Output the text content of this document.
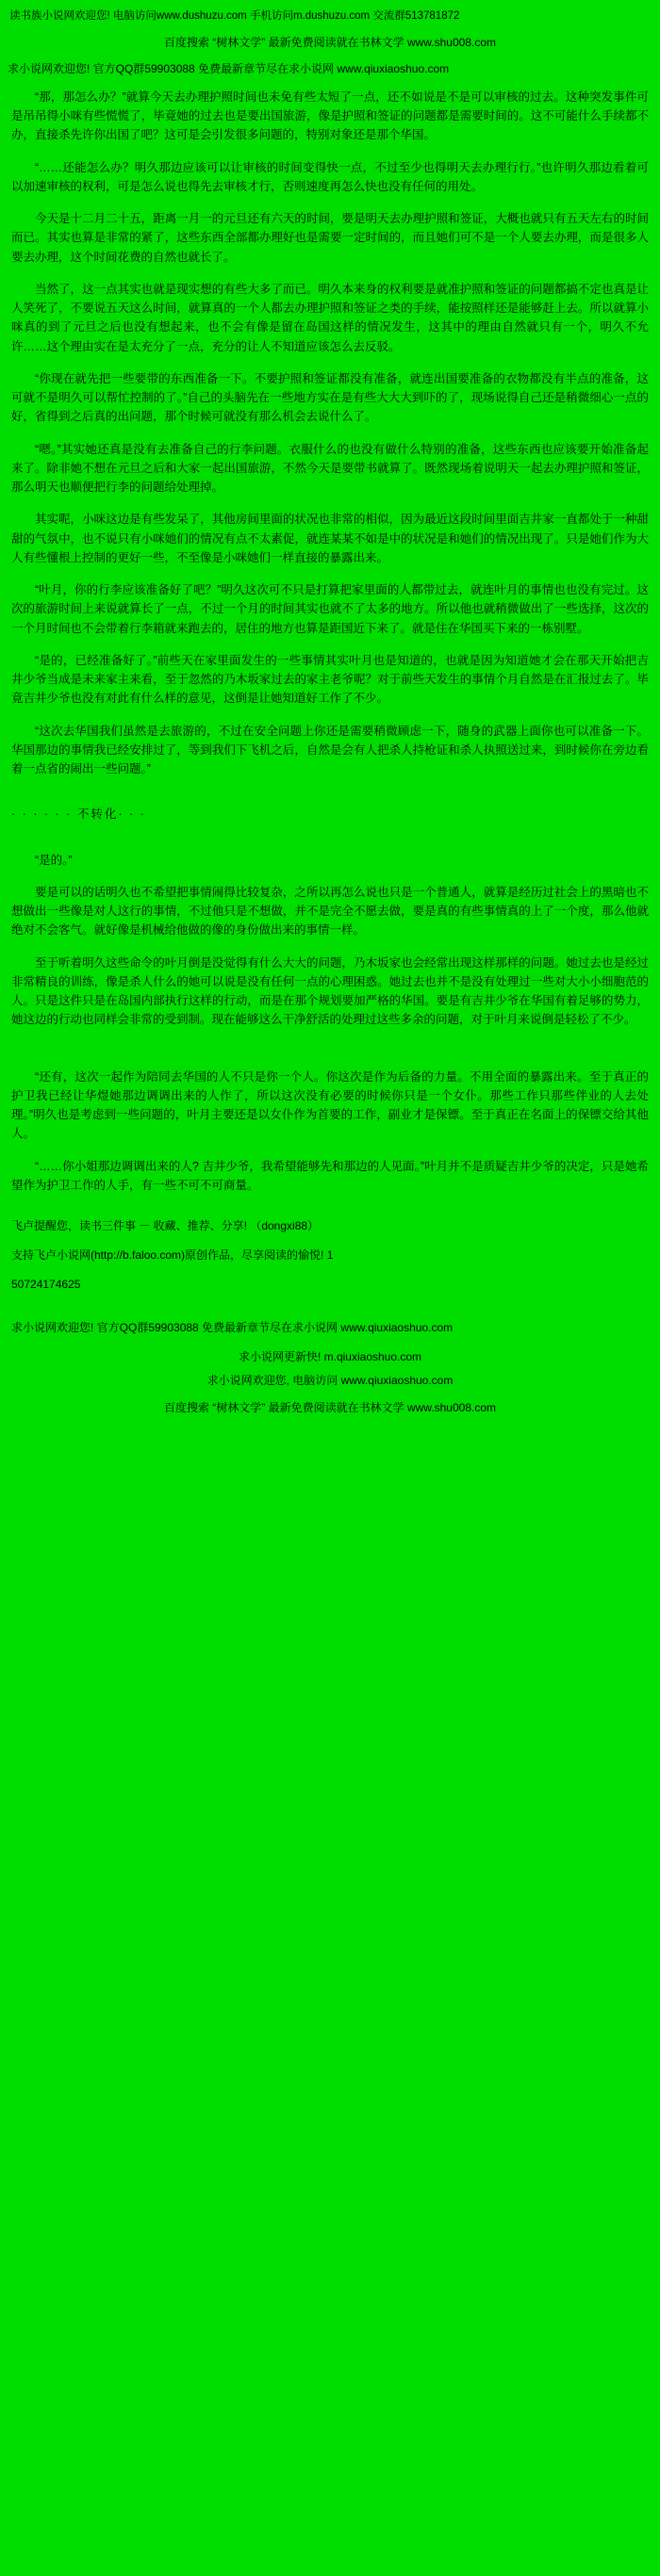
读书族小说网欢迎您! 电脑访问www.dushuzu.com 手机访问m.dushuzu.com 交流群513781872
百度搜索 “树林文学” 最新免费阅读就在书林文学 www.shu008.com
求小说网欢迎您! 官方QQ群59903088 免费最新章节尽在求小说网 www.qiuxiaoshuo.com

“那，那怎么办？”就算今天去办理护照时间也未免有些太短了一点，还不如说是不是可以审核的过去。这种突发事件可是吊吊得小咪有些慌慌了，毕竟她的过去也是要出国旅游，像是护照和签证的问题都是需要时间的。这不可能什么手续都不办，直接杀先许你出国了吧？这可是会引发很多问题的，特别对象还是那个华国。

“……还能怎么办？明久那边应该可以让审核的时间变得快一点，不过至少也得明天去办理行行。”也许明久那边看着可以加速审核的权利，可是怎么说也得先去审核才行，否则速度再怎么快也没有任何的用处。

今天是十二月二十五，距离一月一的元旦还有六天的时间，要是明天去办理护照和签证，大概也就只有五天左右的时间而已。其实也算是非常的紧了，这些东西全部都办理好也是需要一定时间的，而且她们可不是一个人要去办理，而是很多人要去办理，这个时间花费的自然也就长了。

当然了，这一点其实也就是现实想的有些大多了而已。明久本来身的权利要是就准护照和签证的问题都搞不定也真是让人笑死了，不要说五天这么时间，就算真的一个人都去办理护照和签证之类的手续，能按照样还是能够赶上去。所以就算小咪真的到了元旦之后也没有想起来，也不会有像是留在岛国这样的情况发生，这其中的理由自然就只有一个，明久不允许……这个理由实在是太充分了一点，充分的让人不知道应该怎么去反驳。

“你现在就先把一些要带的东西准备一下。不要护照和签证都没有准备，就连出国要准备的衣物都没有半点的准备，这可就不是明久可以帮忙控制的了。”自己的头脑先在一些地方实在是有些大大大到吓的了，现场说得自己还是稍微细心一点的好，省得到之后真的出问题，那个时候可就没有那么机会去说什么了。

“嗯。”其实她还真是没有去准备自己的行李问题。衣服什么的也没有做什么特别的准备，这些东西也应该要开始准备起来了。除非她不想在元旦之后和大家一起出国旅游，不然今天是要带书就算了。既然现场着说明天一起去办理护照和签证，那么明天也顺便把行李的问题给处理掉。

其实呢，小咪这边是有些发呆了，其他房间里面的状况也非常的相似，因为最近这段时间里面吉井家一直都处于一种甜甜的气氛中，也不说只有小咪她们的情况有点不太素促，就连某某不如是中的状况是和她们的情况出现了。只是她们作为大人有些懂根上控制的更好一些，不至像是小咪她们一样直接的暴露出来。

“叶月，你的行李应该准备好了吧？”明久这次可不只是打算把家里面的人都带过去，就连叶月的事情也也没有完过。这次的旅游时间上来说就算长了一点，不过一个月的时间其实也就不了太多的地方。所以他也就稍微做出了一些选择，这次的一个月时间也不会带着行李箱就来跑去的，居住的地方也算是距国近下来了。就是住在华国买下来的一栋别墅。

“是的，已经准备好了。”前些天在家里面发生的一些事情其实叶月也是知道的，也就是因为知道她才会在那天开始把吉井少爷当成是未来家主来看，至于忽然的乃木坂家过去的家主老爷呢？对于前些天发生的事情个月自然是在汇报过去了。毕竟吉井少爷也没有对此有什么样的意见，这倒是让她知道好工作了不少。

“这次去华国我们虽然是去旅游的，不过在安全问题上你还是需要稍微顾虑一下，随身的武器上面你也可以准备一下。华国那边的事情我已经安排过了，等到我们下飞机之后，自然是会有人把杀人持枪证和杀人执照送过来，到时候你在旁边看着一点省的闹出一些问题。”

· · · · · · 不转化· · ·

“是的。”

要是可以的话明久也不希望把事情闹得比较复杂，之所以再怎么说也只是一个普通人，就算是经历过社会上的黑暗也不想做出一些像是对人这行的事情，不过他只是不想做，并不是完全不愿去做，要是真的有些事情真的上了一个度，那么他就绝对不会客气。就好像是机械给他做的像的身份做出来的事情一样。

至于听着明久这些命令的叶月倒是没觉得有什么大大的问题，乃木坂家也会经常出现这样那样的问题。她过去也是经过非常精良的训练，像是杀人什么的她可以说是没有任何一点的心理困惑。她过去也并不是没有处理过一些对大小小细胞范的人。只是这件只是在岛国内部执行这样的行动，而是在那个规划要加严格的华国。要是有吉井少爷在华国有着足够的势力，她这边的行动也同样会非常的受到制。现在能够这么干净舒活的处理过这些多余的问题，对于叶月来说倒是轻松了不少。

“还有，这次一起作为陪同去华国的人不只是你一个人。你这次是作为后备的力量。不用全面的暴露出来。至于真正的护卫我已经让华煜她那边调调出来的人作了，所以这次没有必要的时候你只是一个女仆。那些工作只那些伴业的人去处理。”明久也是考虑到一些问题的，叶月主要还是以女仆作为首要的工作，副业才是保镖。至于真正在名面上的保镖交给其他人。

“……你小姐那边调调出来的人? 吉井少爷，我希望能够先和那边的人见面。”叶月并不是质疑吉井少爷的决定，只是她希望作为护卫工作的人手，有一些不可不可商量。

飞卢提醒您，读书三件事 － 收藏、推荐、分享! （dongxi88）
支持飞卢小说网(http://b.faloo.com)原创作品，尽享阅读的愉悦! 1
50724174625
求小说网欢迎您! 官方QQ群59903088 免费最新章节尽在求小说网 www.qiuxiaoshuo.com
求小说网更新快! m.qiuxiaoshuo.com
求小说网欢迎您, 电脑访问 www.qiuxiaoshuo.com
百度搜索 “树林文学” 最新免费阅读就在书林文学 www.shu008.com
